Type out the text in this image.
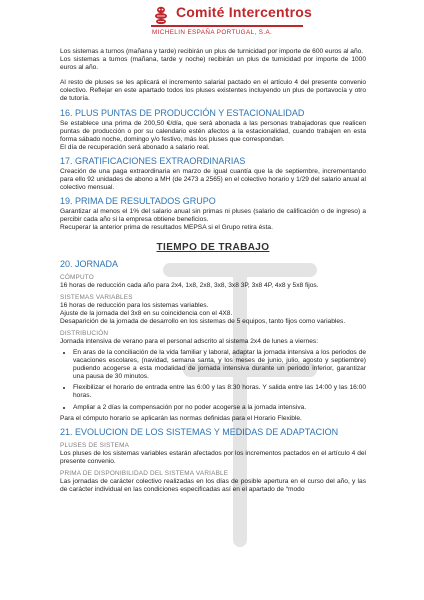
Comité Intercentros
MICHELIN ESPAÑA PORTUGAL, S.A.

Los sistemas a turnos (mañana y tarde) recibirán un plus de turnicidad por importe de 600 euros al año.

Los sistemas a turnos (mañana, tarde y noche) recibirán un plus de turnicidad por importe de 1000 euros al año.

Al resto de pluses se les aplicará el incremento salarial pactado en el artículo 4 del presente convenio colectivo. Reflejar en este apartado todos los pluses existentes incluyendo un plus de portavocía y otro de tutoría.

16. PLUS PUNTAS DE PRODUCCIÓN Y ESTACIONALIDAD

Se establece una prima de 200,50 €/día, que será abonada a las personas trabajadoras que realicen puntas de producción o por su calendario estén afectos a la estacionalidad, cuando trabajen en esta forma sábado noche, domingo y/o festivo, más los pluses que correspondan.

El día de recuperación será abonado a salario real.

17. GRATIFICACIONES EXTRAORDINARIAS

Creación de una paga extraordinaria en marzo de igual cuantía que la de septiembre, incrementando para ello 92 unidades de abono a MH (de 2473 a 2565) en el colectivo horario y 1/29 del salario anual al colectivo mensual.

19. PRIMA DE RESULTADOS GRUPO

Garantizar al menos el 1% del salario anual sin primas ni pluses (salario de calificación o de ingreso) a percibir cada año si la empresa obtiene beneficios.

Recuperar la anterior prima de resultados MEPSA si el Grupo retira ésta.

TIEMPO DE TRABAJO
20. JORNADA
CÓMPUTO

16 horas de reducción cada año para 2x4, 1x8, 2x8, 3x8, 3x8 3P, 3x8 4P, 4x8 y 5x8 fijos.

SISTEMAS VARIABLES

16 horas de reducción para los sistemas variables.

Ajuste de la jornada del 3x8 en su coincidencia con el 4X8.

Desaparición de la jornada de desarrollo en los sistemas de 5 equipos, tanto fijos como variables.

DISTRIBUCIÓN

Jornada intensiva de verano para el personal adscrito al sistema 2x4 de lunes a viernes:

• En aras de la conciliación de la vida familiar y laboral, adaptar la jornada intensiva a los periodos de vacaciones escolares, (navidad, semana santa, y los meses de junio, julio, agosto y septiembre) pudiendo acogerse a esta modalidad de jornada intensiva durante un periodo inferior, garantizar una pausa de 30 minutos.
• Flexibilizar el horario de entrada entre las 6:00 y las 8:30 horas. Y salida entre las 14:00 y las 16:00 horas.
• Ampliar a 2 días la compensación por no poder acogerse a la jornada intensiva.

Para el cómputo horario se aplicarán las normas definidas para el Horario Flexible.

21. EVOLUCION DE LOS SISTEMAS Y MEDIDAS DE ADAPTACION
PLUSES DE SISTEMA

Los pluses de los sistemas variables estarán afectados por los incrementos pactados en el artículo 4 del presente convenio.

PRIMA DE DISPONIBILIDAD DEL SISTEMA VARIABLE

Las jornadas de carácter colectivo realizadas en los días de posible apertura en el curso del año, y las de carácter individual en las condiciones especificadas así en el apartado de “modo
